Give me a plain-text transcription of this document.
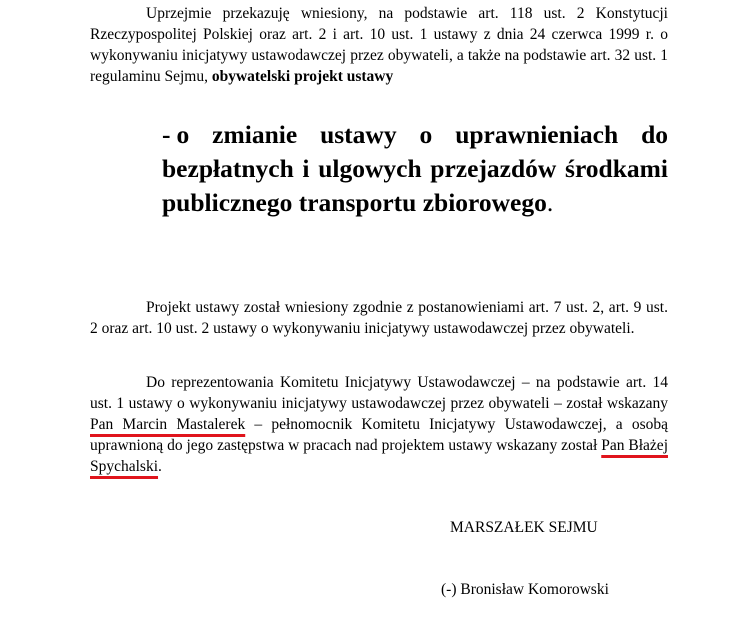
Uprzejmie przekazuję wniesiony, na podstawie art. 118 ust. 2 Konstytucji Rzeczypospolitej Polskiej oraz art. 2 i art. 10 ust. 1 ustawy z dnia 24 czerwca 1999 r. o wykonywaniu inicjatywy ustawodawczej przez obywateli, a także na podstawie art. 32 ust. 1 regulaminu Sejmu, obywatelski projekt ustawy

- o zmianie ustawy o uprawnieniach do bezpłatnych i ulgowych przejazdów środkami publicznego transportu zbiorowego.

Projekt ustawy został wniesiony zgodnie z postanowieniami art. 7 ust. 2, art. 9 ust. 2 oraz art. 10 ust. 2 ustawy o wykonywaniu inicjatywy ustawodawczej przez obywateli.

Do reprezentowania Komitetu Inicjatywy Ustawodawczej – na podstawie art. 14 ust. 1 ustawy o wykonywaniu inicjatywy ustawodawczej przez obywateli – został wskazany Pan Marcin Mastalerek – pełnomocnik Komitetu Inicjatywy Ustawodawczej, a osobą uprawnioną do jego zastępstwa w pracach nad projektem ustawy wskazany został Pan Błażej Spychalski.

MARSZAŁEK SEJMU
(-) Bronisław Komorowski
